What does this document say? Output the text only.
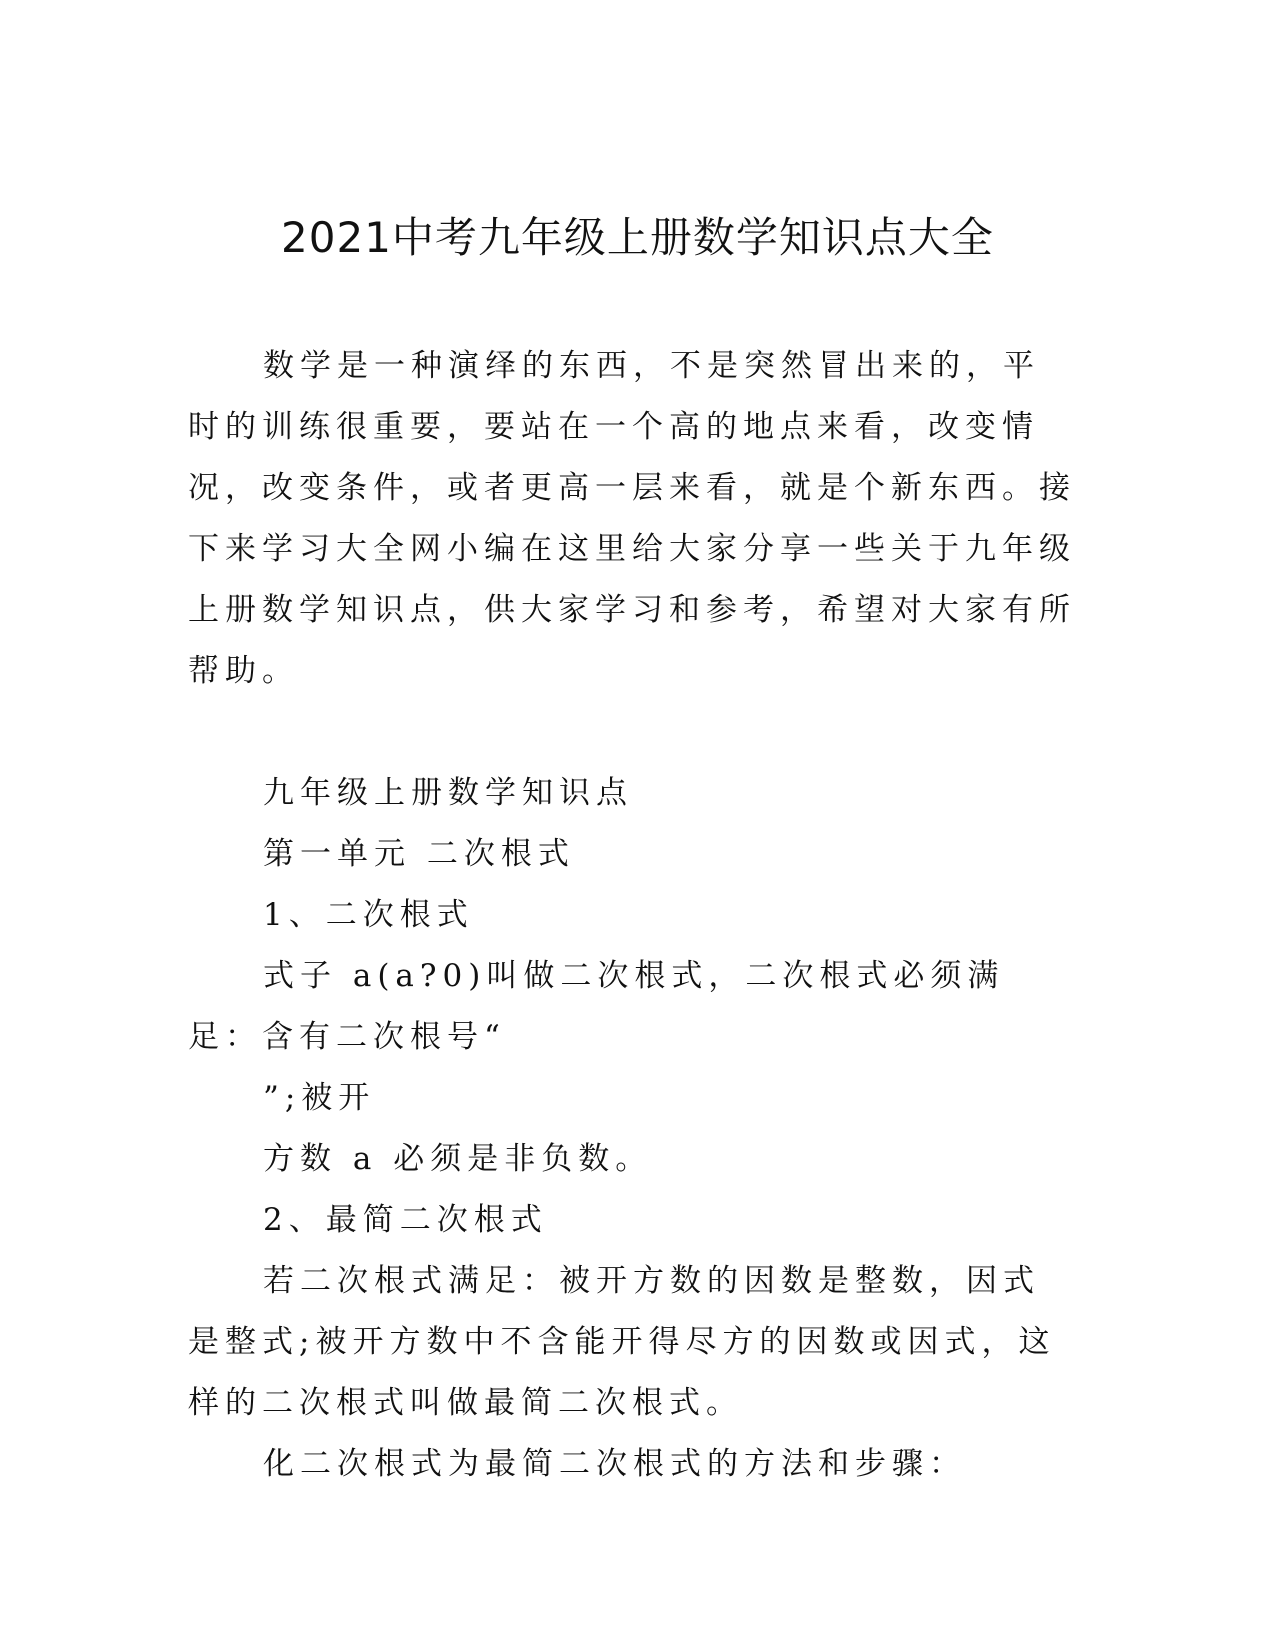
2021中考九年级上册数学知识点大全

数学是一种演绎的东西，不是突然冒出来的，平时的训练很重要，要站在一个高的地点来看，改变情况，改变条件，或者更高一层来看，就是个新东西。接下来学习大全网小编在这里给大家分享一些关于九年级上册数学知识点，供大家学习和参考，希望对大家有所帮助。

九年级上册数学知识点

第一单元 二次根式

1、二次根式

式子 a(a?0)叫做二次根式，二次根式必须满足：含有二次根号“

”;被开

方数 a 必须是非负数。

2、最简二次根式

若二次根式满足：被开方数的因数是整数，因式是整式;被开方数中不含能开得尽方的因数或因式，这样的二次根式叫做最简二次根式。

化二次根式为最简二次根式的方法和步骤：
